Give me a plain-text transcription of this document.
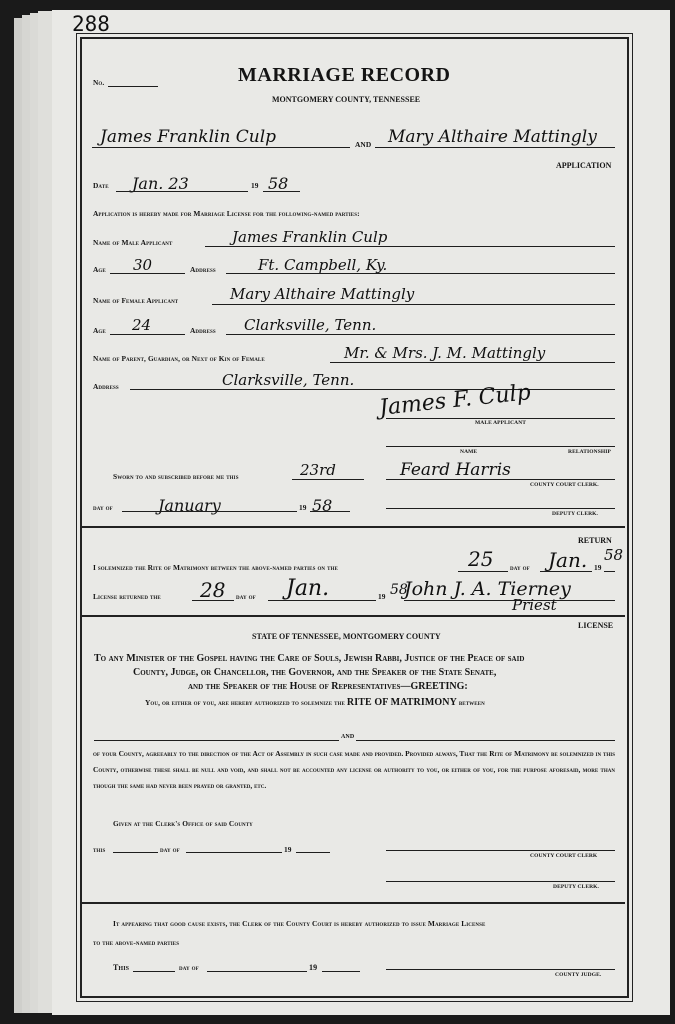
288
No.	MARRIAGE RECORD
MONTGOMERY COUNTY, TENNESSEE
James Franklin Culp	AND Mary Althaire Mattingly
APPLICATION
Date Jan. 23	19 58
Application is hereby made for Marriage License for the following-named parties:
Name of Male Applicant	James Franklin Culp
Age 30	Address	Ft. Campbell, Ky.
Name of Female Applicant	Mary Althaire Mattingly
Age 24	Address Clarksville, Tenn.
Name of Parent, Guardian, or Next of Kin of Female	Mr. & Mrs. J. M. Mattingly
Address	Clarksville, Tenn.
James F. Culp
MALE APPLICANT
NAME	RELATIONSHIP
Sworn to and subscribed before me this	23rd	Feard Harris
COUNTY COURT CLERK.
day of	January	19 58	DEPUTY CLERK.
RETURN
I solemnized the Rite of Matrimony between the above-named parties on the	25 day of Jan. 19
58
License returned the 28 day of Jan.	19 58
John J. A. Tierney
Priest
LICENSE
STATE OF TENNESSEE, MONTGOMERY COUNTY
To any Minister of the Gospel having the Care of Souls, Jewish Rabbi, Justice of the Peace of said
County, Judge, or Chancellor, the Governor, and the Speaker of the State Senate,
and the Speaker of the House of Representatives—GREETING:
You, or either of you, are hereby authorized to solemnize the RITE OF MATRIMONY between
AND
of your County, agreeably to the direction of the Act of Assembly in such case made and provided. Provided always, That the Rite of Matrimony be solemnized in this County, otherwise these shall be null and void, and shall not be accounted any license or authority to you, or either of you, for the purpose aforesaid, more than though the same had never been prayed or granted, etc.
Given at the Clerk's Office of said County
this	day of	19
COUNTY COURT CLERK
DEPUTY CLERK.
It appearing that good cause exists, the Clerk of the County Court is hereby authorized to issue Marriage License
to the above-named parties
This	day of	19
COUNTY JUDGE.
